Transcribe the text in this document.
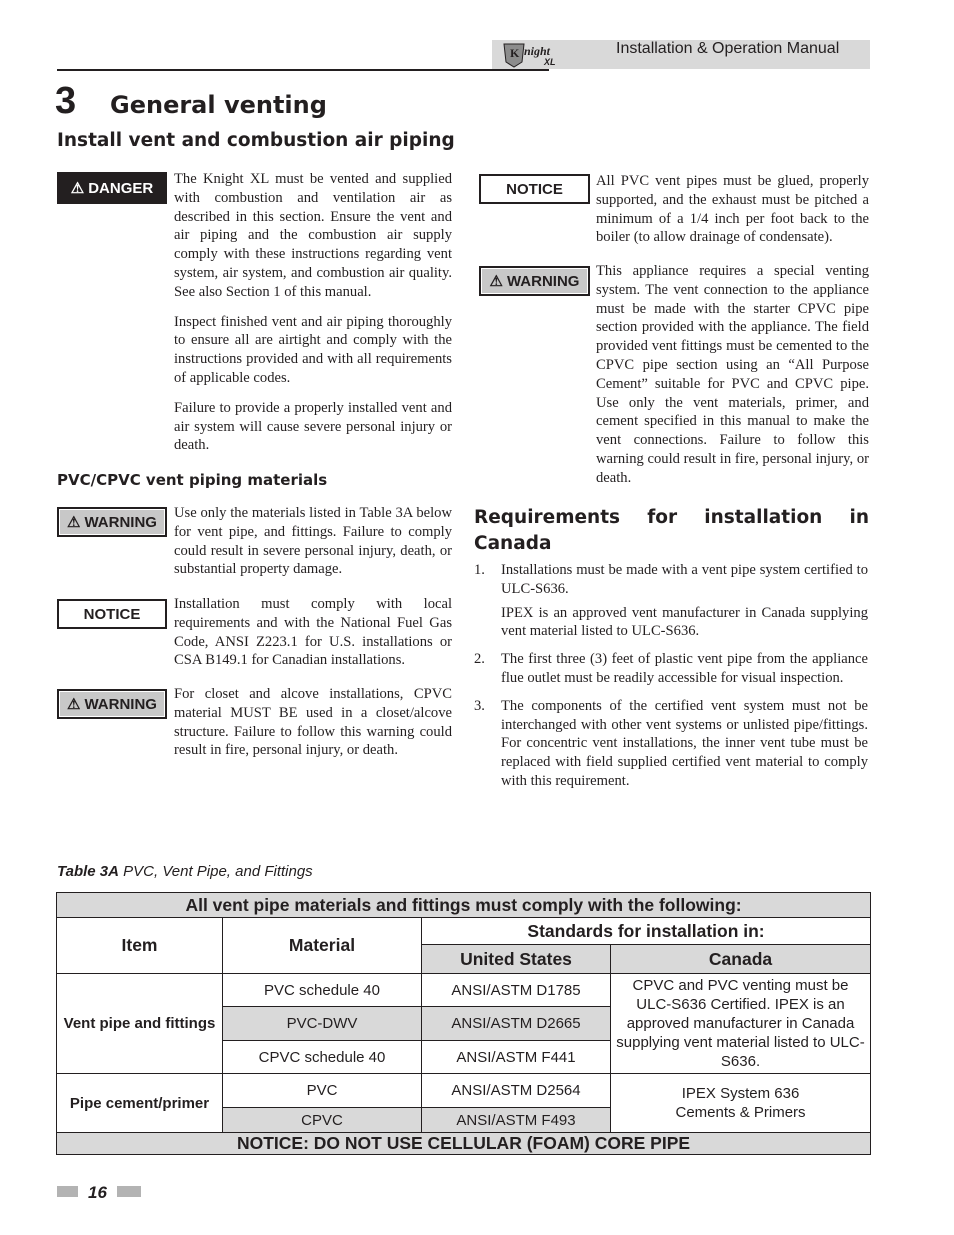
K night
XL
Installation & Operation Manual
3 General venting
Install vent and combustion air piping
⚠ DANGER

The Knight XL must be vented and supplied with combustion and ventilation air as described in this section. Ensure the vent and air piping and the combustion air supply comply with these instructions regarding vent system, air system, and combustion air quality. See also Section 1 of this manual.

Inspect finished vent and air piping thoroughly to ensure all are airtight and comply with the instructions provided and with all requirements of applicable codes.

Failure to provide a properly installed vent and air system will cause severe personal injury or death.

PVC/CPVC vent piping materials
⚠ WARNING

Use only the materials listed in Table 3A below for vent pipe, and fittings. Failure to comply could result in severe personal injury, death, or substantial property damage.

NOTICE

Installation must comply with local requirements and with the National Fuel Gas Code, ANSI Z223.1 for U.S. installations or CSA B149.1 for Canadian installations.

⚠ WARNING

For closet and alcove installations, CPVC material MUST BE used in a closet/alcove structure. Failure to follow this warning could result in fire, personal injury, or death.

NOTICE All PVC vent pipes must be glued, properly supported, and the exhaust must be pitched a minimum of a 1/4 inch per foot back to the boiler (to allow drainage of condensate).

⚠ WARNING

This appliance requires a special venting system. The vent connection to the appliance must be made with the starter CPVC pipe section provided with the appliance. The field provided vent fittings must be cemented to the CPVC pipe section using an “All Purpose Cement” suitable for PVC and CPVC pipe. Use only the vent materials, primer, and cement specified in this manual to make the vent connections. Failure to follow this warning could result in fire, personal injury, or death.

Requirements for installation in Canada
1. Installations must be made with a vent pipe system certified to ULC-S636.

IPEX is an approved vent manufacturer in Canada supplying vent material listed to ULC-S636.

2. The first three (3) feet of plastic vent pipe from the appliance flue outlet must be readily accessible for visual inspection.

3. The components of the certified vent system must not be interchanged with other vent systems or unlisted pipe/fittings. For concentric vent installations, the inner vent tube must be replaced with field supplied certified vent material to comply with this requirement.

Table 3A PVC, Vent Pipe, and Fittings
All vent pipe materials and fittings must comply with the following:			
Item	Material	Standards for installation in:	
		United States	Canada
Vent pipe and fittings	PVC schedule 40	ANSI/ASTM D1785	CPVC and PVC venting must be ULC-S636 Certified. IPEX is an approved manufacturer in Canada supplying vent material listed to ULC-S636.
	PVC-DWV	ANSI/ASTM D2665	
	CPVC schedule 40	ANSI/ASTM F441	
Pipe cement/primer	PVC	ANSI/ASTM D2564	IPEX System 636
Cements & Primers
	CPVC	ANSI/ASTM F493	
NOTICE: DO NOT USE CELLULAR (FOAM) CORE PIPE			
16
